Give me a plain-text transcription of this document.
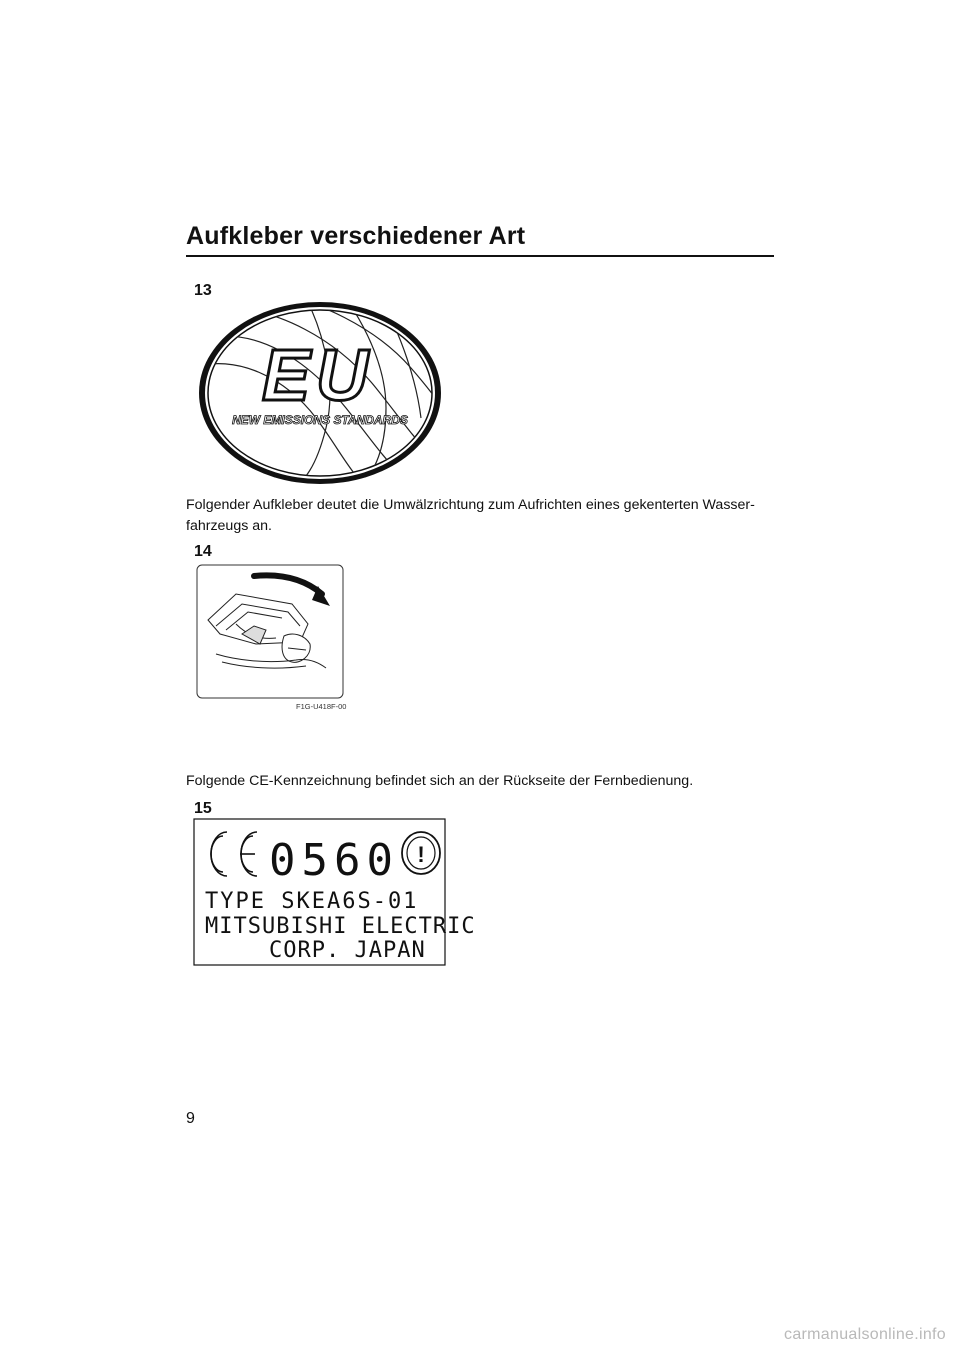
Aufkleber verschiedener Art
13
EU
NEW EMISSIONS STANDARDS
Folgender Aufkleber deutet die Umwälzrichtung zum Aufrichten eines gekenterten Wasserfahrzeugs an.
14
F1G-U418F-00
Folgende CE-Kennzeichnung befindet sich an der Rückseite der Fernbedienung.
15
0560 !
TYPE SKEA6S-01
MITSUBISHI ELECTRIC
CORP. JAPAN
9
carmanualsonline.info
